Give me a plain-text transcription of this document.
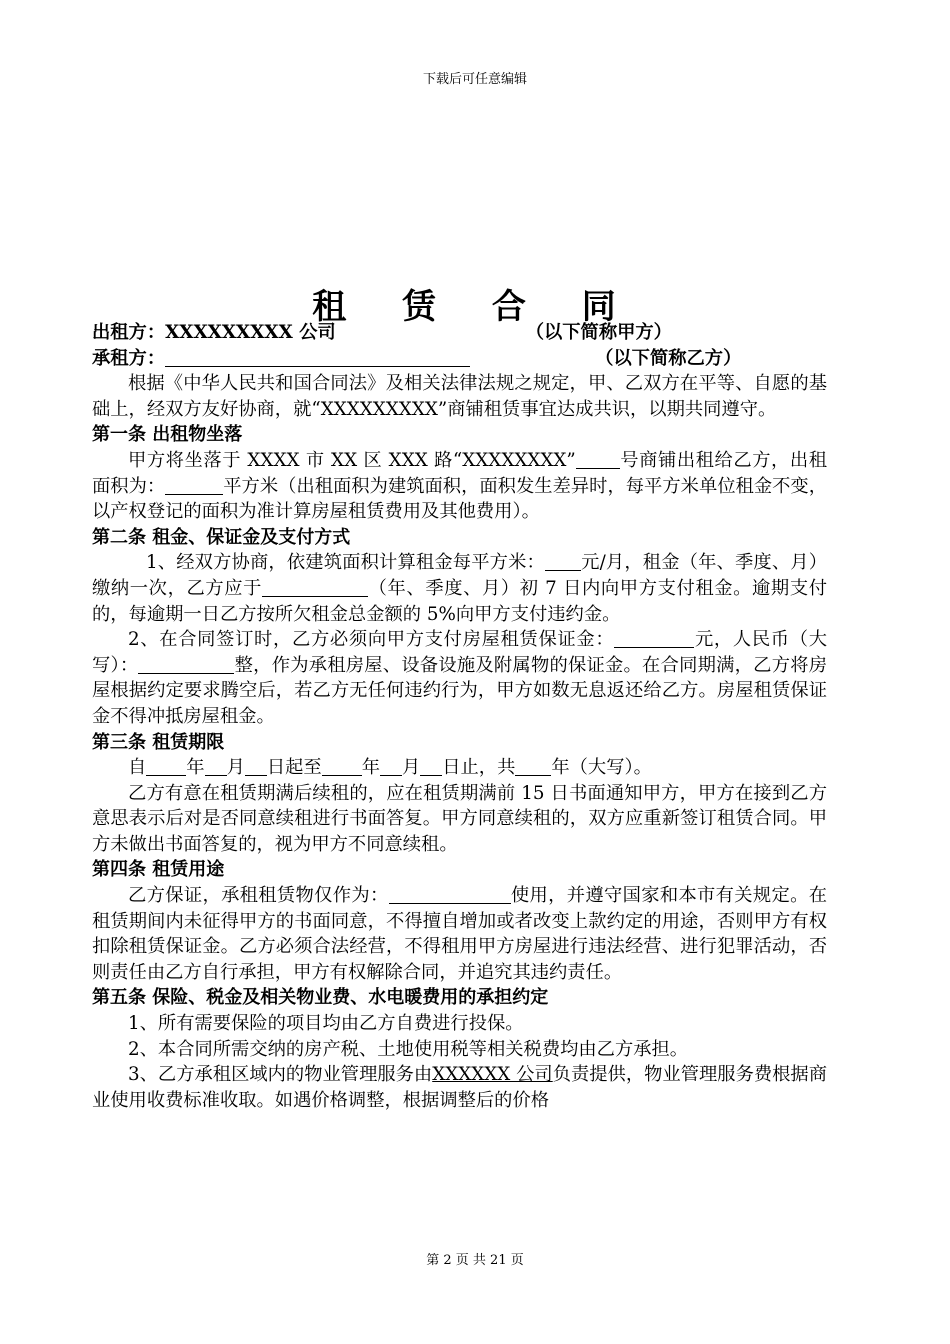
下载后可任意编辑
租 赁 合 同

出租方：XXXXXXXXX 公司	（以下简称甲方）

承租方：	（以下简称乙方）

根据《中华人民共和国合同法》及相关法律法规之规定，甲、乙双方在平等、自愿的基础上，经双方友好协商，就“XXXXXXXXX”商铺租赁事宜达成共识，以期共同遵守。

第一条 出租物坐落

甲方将坐落于 XXXX 市 XX 区 XXX 路“XXXXXXXX” 号商铺出租给乙方，出租面积为：	平方米（出租面积为建筑面积，面积发生差异时，每平方米单位租金不变，以产权登记的面积为准计算房屋租赁费用及其他费用）。

第二条 租金、保证金及支付方式

1、经双方协商，依建筑面积计算租金每平方米： 元/月，租金（年、季度、月）缴纳一次，乙方应于	（年、季度、月）初 7 日内向甲方支付租金。逾期支付的，每逾期一日乙方按所欠租金总金额的 5%向甲方支付违约金。

2、在合同签订时，乙方必须向甲方支付房屋租赁保证金：	元，人民币（大写）：	整，作为承租房屋、设备设施及附属物的保证金。在合同期满，乙方将房屋根据约定要求腾空后，若乙方无任何违约行为，甲方如数无息返还给乙方。房屋租赁保证金不得冲抵房屋租金。

第三条 租赁期限

自 年 月 日起至 年 月 日止，共 年（大写）。

乙方有意在租赁期满后续租的，应在租赁期满前 15 日书面通知甲方，甲方在接到乙方意思表示后对是否同意续租进行书面答复。甲方同意续租的，双方应重新签订租赁合同。甲方未做出书面答复的，视为甲方不同意续租。

第四条 租赁用途

乙方保证，承租租赁物仅作为：	使用，并遵守国家和本市有关规定。在租赁期间内未征得甲方的书面同意，不得擅自增加或者改变上款约定的用途，否则甲方有权扣除租赁保证金。乙方必须合法经营，不得租用甲方房屋进行违法经营、进行犯罪活动，否则责任由乙方自行承担，甲方有权解除合同，并追究其违约责任。

第五条 保险、税金及相关物业费、水电暖费用的承担约定

1、所有需要保险的项目均由乙方自费进行投保。

2、本合同所需交纳的房产税、土地使用税等相关税费均由乙方承担。

3、乙方承租区域内的物业管理服务由XXXXXX 公司负责提供，物业管理服务费根据商业使用收费标准收取。如遇价格调整，根据调整后的价格

第 2 页 共 21 页
